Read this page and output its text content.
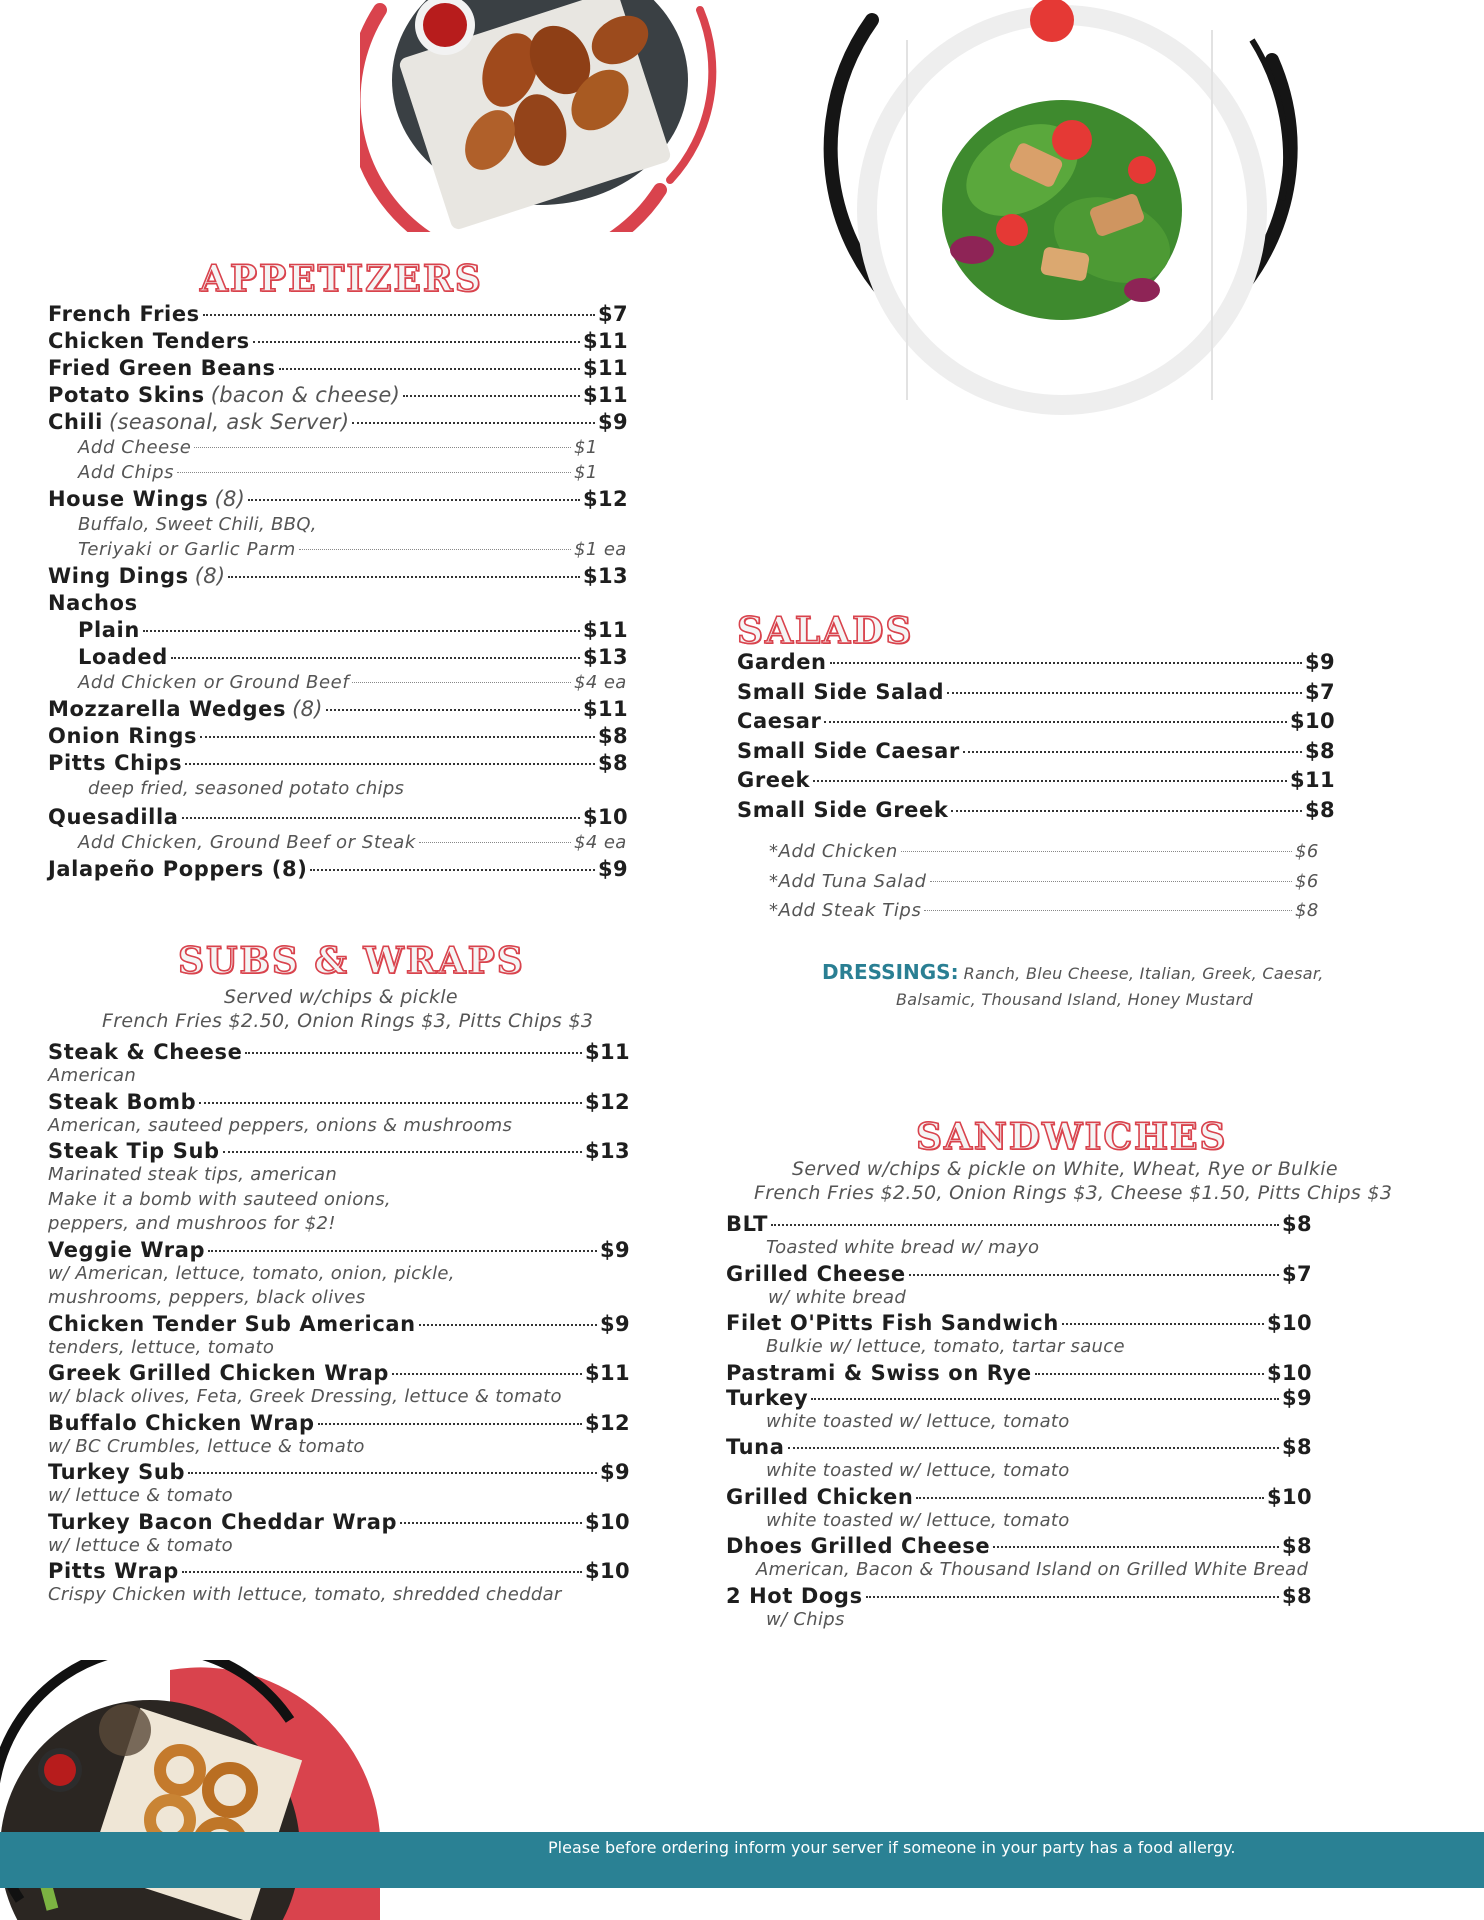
APPETIZERS
French Fries	$7
Chicken Tenders	$11
Fried Green Beans	$11
Potato Skins (bacon & cheese)	$11
Chili (seasonal, ask Server)	$9
Add Cheese	$1
Add Chips	$1
House Wings (8)	$12
Buffalo, Sweet Chili, BBQ,
Teriyaki or Garlic Parm	$1 ea
Wing Dings (8)	$13
Nachos
Plain	$11
Loaded	$13
Add Chicken or Ground Beef	$4 ea
Mozzarella Wedges (8)	$11
Onion Rings	$8
Pitts Chips	$8
deep fried, seasoned potato chips
Quesadilla	$10
Add Chicken, Ground Beef or Steak	$4 ea
Jalapeño Poppers (8)	$9
SUBS & WRAPS
Served w/chips & pickle
French Fries $2.50, Onion Rings $3, Pitts Chips $3
Steak & Cheese	$11
American
Steak Bomb	$12
American, sauteed peppers, onions & mushrooms
Steak Tip Sub	$13
Marinated steak tips, american
Make it a bomb with sauteed onions,
peppers, and mushroos for $2!
Veggie Wrap	$9
w/ American, lettuce, tomato, onion, pickle,
mushrooms, peppers, black olives
Chicken Tender Sub American	$9
tenders, lettuce, tomato
Greek Grilled Chicken Wrap	$11
w/ black olives, Feta, Greek Dressing, lettuce & tomato
Buffalo Chicken Wrap	$12
w/ BC Crumbles, lettuce & tomato
Turkey Sub	$9
w/ lettuce & tomato
Turkey Bacon Cheddar Wrap	$10
w/ lettuce & tomato
Pitts Wrap	$10
Crispy Chicken with lettuce, tomato, shredded cheddar
SALADS
Garden	$9
Small Side Salad	$7
Caesar	$10
Small Side Caesar	$8
Greek	$11
Small Side Greek	$8
*Add Chicken	$6
*Add Tuna Salad	$6
*Add Steak Tips	$8
DRESSINGS: Ranch, Bleu Cheese, Italian, Greek, Caesar,
Balsamic, Thousand Island, Honey Mustard
SANDWICHES
Served w/chips & pickle on White, Wheat, Rye or Bulkie
French Fries $2.50, Onion Rings $3, Cheese $1.50, Pitts Chips $3
BLT	$8
Toasted white bread w/ mayo
Grilled Cheese	$7
w/ white bread
Filet O'Pitts Fish Sandwich	$10
Bulkie w/ lettuce, tomato, tartar sauce
Pastrami & Swiss on Rye	$10
Turkey	$9
white toasted w/ lettuce, tomato
Tuna	$8
white toasted w/ lettuce, tomato
Grilled Chicken	$10
white toasted w/ lettuce, tomato
Dhoes Grilled Cheese	$8
American, Bacon & Thousand Island on Grilled White Bread
2 Hot Dogs	$8
w/ Chips
Please before ordering inform your server if someone in your party has a food allergy.
